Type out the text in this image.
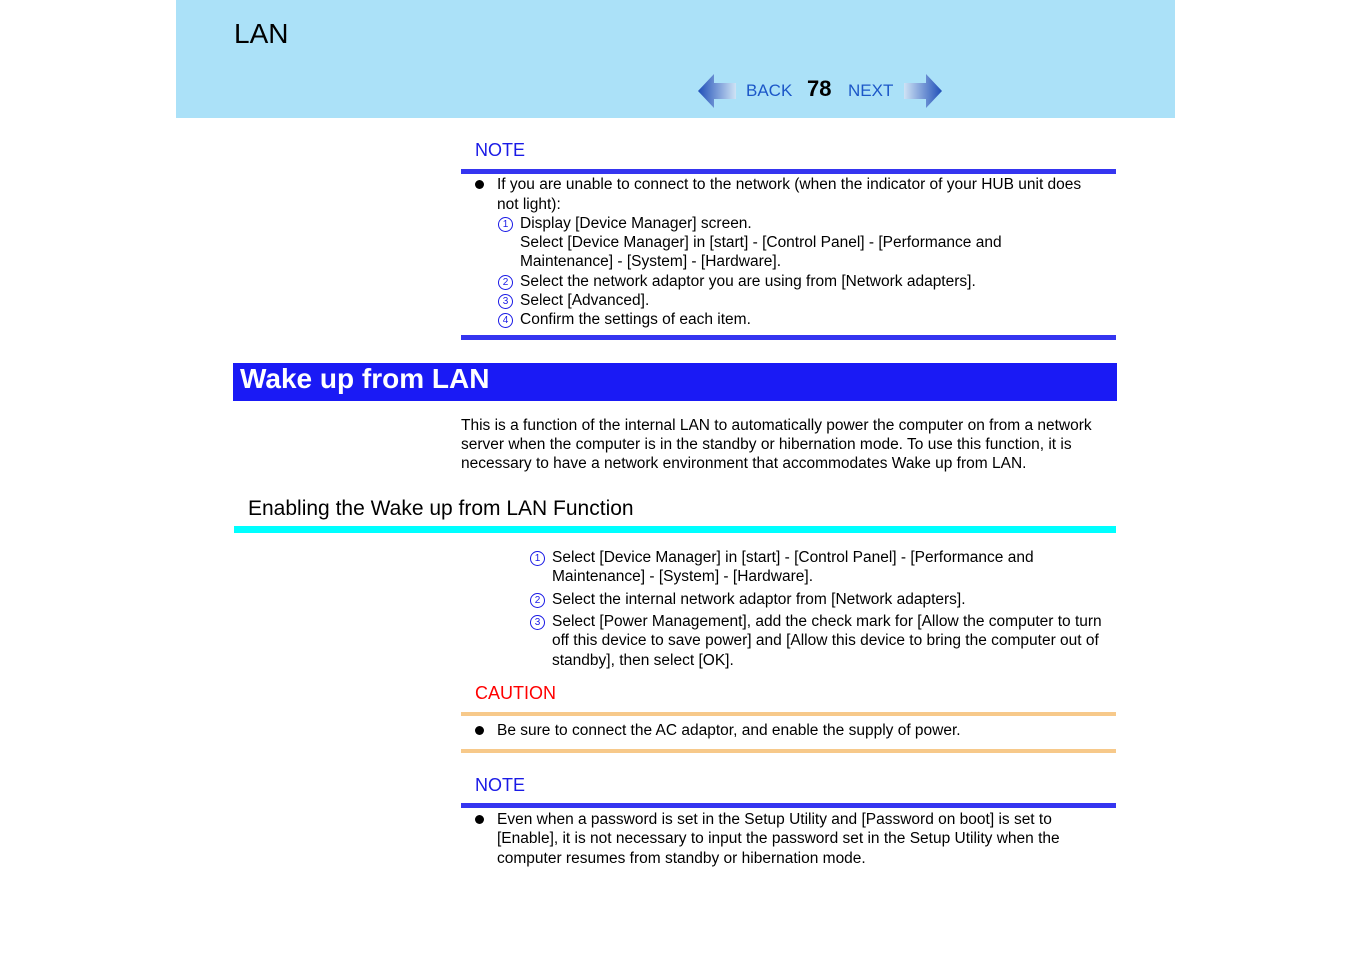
LAN
BACK 78 NEXT
NOTE
If you are unable to connect to the network (when the indicator of your HUB unit does
not light):
1 Display [Device Manager] screen.
Select [Device Manager] in [start] - [Control Panel] - [Performance and
Maintenance] - [System] - [Hardware].
2 Select the network adaptor you are using from [Network adapters].
3 Select [Advanced].
4 Confirm the settings of each item.
Wake up from LAN
This is a function of the internal LAN to automatically power the computer on from a network
server when the computer is in the standby or hibernation mode. To use this function, it is
necessary to have a network environment that accommodates Wake up from LAN.
Enabling the Wake up from LAN Function
1 Select [Device Manager] in [start] - [Control Panel] - [Performance and
Maintenance] - [System] - [Hardware].
2 Select the internal network adaptor from [Network adapters].
3 Select [Power Management], add the check mark for [Allow the computer to turn
off this device to save power] and [Allow this device to bring the computer out of
standby], then select [OK].
CAUTION
Be sure to connect the AC adaptor, and enable the supply of power.
NOTE
Even when a password is set in the Setup Utility and [Password on boot] is set to
[Enable], it is not necessary to input the password set in the Setup Utility when the
computer resumes from standby or hibernation mode.
